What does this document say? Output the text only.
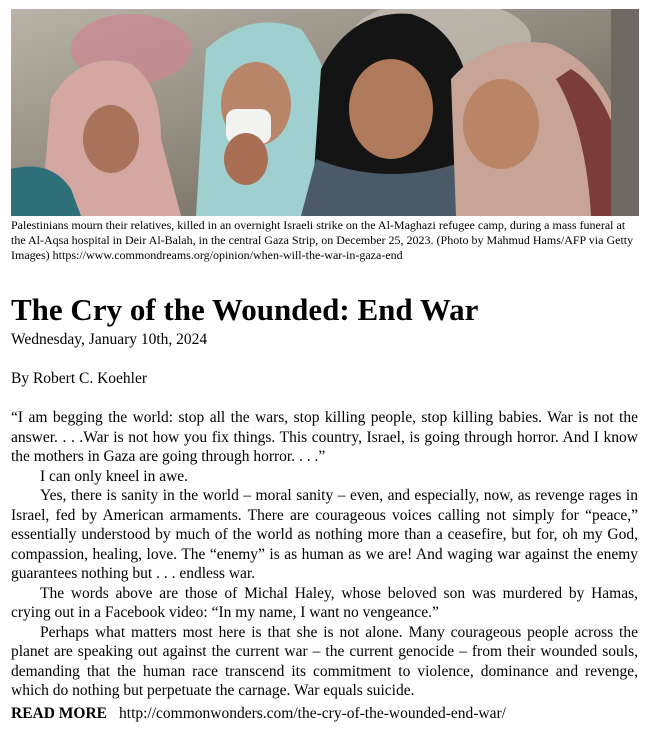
Palestinians mourn their relatives, killed in an overnight Israeli strike on the Al-Maghazi refugee camp, during a mass funeral at the Al-Aqsa hospital in Deir Al-Balah, in the central Gaza Strip, on December 25, 2023. (Photo by Mahmud Hams/AFP via Getty Images) https://www.commondreams.org/opinion/when-will-the-war-in-gaza-end
The Cry of the Wounded: End War
Wednesday, January 10th, 2024
By Robert C. Koehler

“I am begging the world: stop all the wars, stop killing people, stop killing babies. War is not the answer. . . .War is not how you fix things. This country, Israel, is going through horror. And I know the mothers in Gaza are going through horror. . . .”

I can only kneel in awe.

Yes, there is sanity in the world – moral sanity – even, and especially, now, as revenge rages in Israel, fed by American armaments. There are courageous voices calling not simply for “peace,” essentially understood by much of the world as nothing more than a ceasefire, but for, oh my God, compassion, healing, love. The “enemy” is as human as we are! And waging war against the enemy guarantees nothing but . . . endless war.

The words above are those of Michal Haley, whose beloved son was murdered by Hamas, crying out in a Facebook video: “In my name, I want no vengeance.”

Perhaps what matters most here is that she is not alone. Many courageous people across the planet are speaking out against the current war – the current genocide – from their wounded souls, demanding that the human race transcend its commitment to violence, dominance and revenge, which do nothing but perpetuate the carnage. War equals suicide.

READ MORE http://commonwonders.com/the-cry-of-the-wounded-end-war/
